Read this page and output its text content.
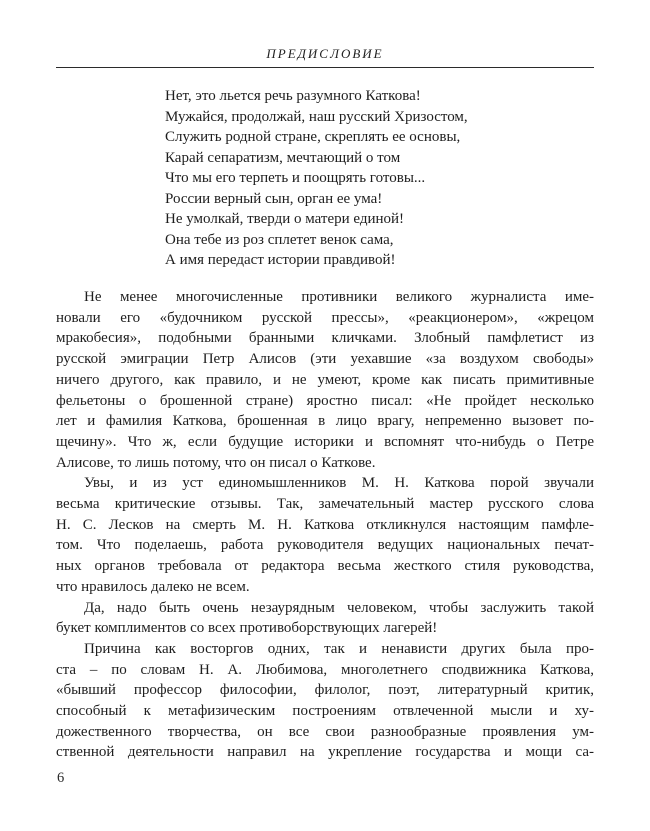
ПРЕДИСЛОВИЕ
Нет, это льется речь разумного Каткова!
Мужайся, продолжай, наш русский Хризостом,
Служить родной стране, скреплять ее основы,
Карай сепаратизм, мечтающий о том
Что мы его терпеть и поощрять готовы...
России верный сын, орган ее ума!
Не умолкай, тверди о матери единой!
Она тебе из роз сплетет венок сама,
А имя передаст истории правдивой!
Не менее многочисленные противники великого журналиста име-
новали его «будочником русской прессы», «реакционером», «жрецом
мракобесия», подобными бранными кличками. Злобный памфлетист из
русской эмиграции Петр Алисов (эти уехавшие «за воздухом свободы»
ничего другого, как правило, и не умеют, кроме как писать примитивные
фельетоны о брошенной стране) яростно писал: «Не пройдет несколько
лет и фамилия Каткова, брошенная в лицо врагу, непременно вызовет по-
щечину». Что ж, если будущие историки и вспомнят что-нибудь о Петре
Алисове, то лишь потому, что он писал о Каткове.
Увы, и из уст единомышленников М. Н. Каткова порой звучали
весьма критические отзывы. Так, замечательный мастер русского слова
Н. С. Лесков на смерть М. Н. Каткова откликнулся настоящим памфле-
том. Что поделаешь, работа руководителя ведущих национальных печат-
ных органов требовала от редактора весьма жесткого стиля руководства,
что нравилось далеко не всем.
Да, надо быть очень незаурядным человеком, чтобы заслужить такой
букет комплиментов со всех противоборствующих лагерей!
Причина как восторгов одних, так и ненависти других была про-
ста – по словам Н. А. Любимова, многолетнего сподвижника Каткова,
«бывший профессор философии, филолог, поэт, литературный критик,
способный к метафизическим построениям отвлеченной мысли и ху-
дожественного творчества, он все свои разнообразные проявления ум-
ственной деятельности направил на укрепление государства и мощи са-
6
